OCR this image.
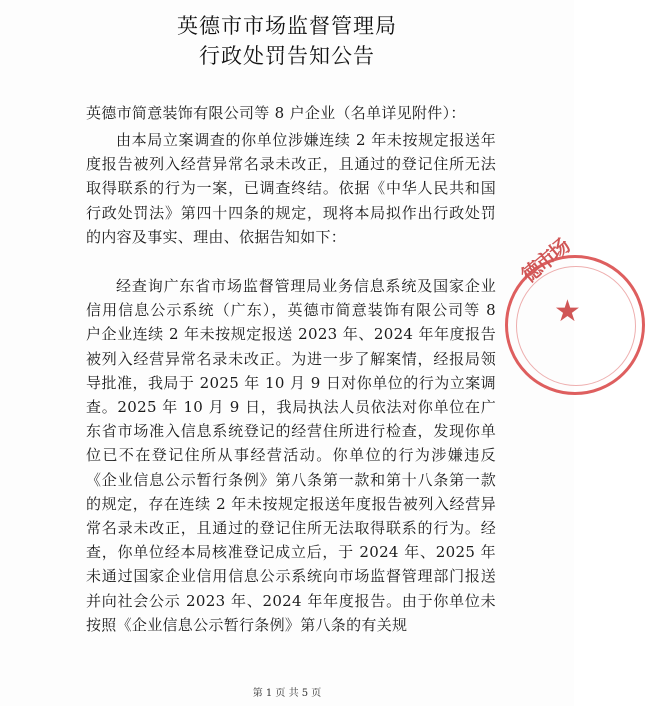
英德市市场监督管理局
行政处罚告知公告
英德市简意装饰有限公司等 8 户企业（名单详见附件）：

由本局立案调查的你单位涉嫌连续 2 年未按规定报送年度报告被列入经营异常名录未改正，且通过的登记住所无法取得联系的行为一案，已调查终结。依据《中华人民共和国行政处罚法》第四十四条的规定，现将本局拟作出行政处罚的内容及事实、理由、依据告知如下：

经查询广东省市场监督管理局业务信息系统及国家企业信用信息公示系统（广东），英德市简意装饰有限公司等 8 户企业连续 2 年未按规定报送 2023 年、2024 年年度报告被列入经营异常名录未改正。为进一步了解案情，经报局领导批准，我局于 2025 年 10 月 9 日对你单位的行为立案调查。2025 年 10 月 9 日，我局执法人员依法对你单位在广东省市场准入信息系统登记的经营住所进行检查，发现你单位已不在登记住所从事经营活动。你单位的行为涉嫌违反《企业信息公示暂行条例》第八条第一款和第十八条第一款的规定，存在连续 2 年未按规定报送年度报告被列入经营异常名录未改正，且通过的登记住所无法取得联系的行为。经查，你单位经本局核准登记成立后，于 2024 年、2025 年未通过国家企业信用信息公示系统向市场监督管理部门报送并向社会公示 2023 年、2024 年年度报告。由于你单位未按照《企业信息公示暂行条例》第八条的有关规

★
德市场
第 1 页 共 5 页
